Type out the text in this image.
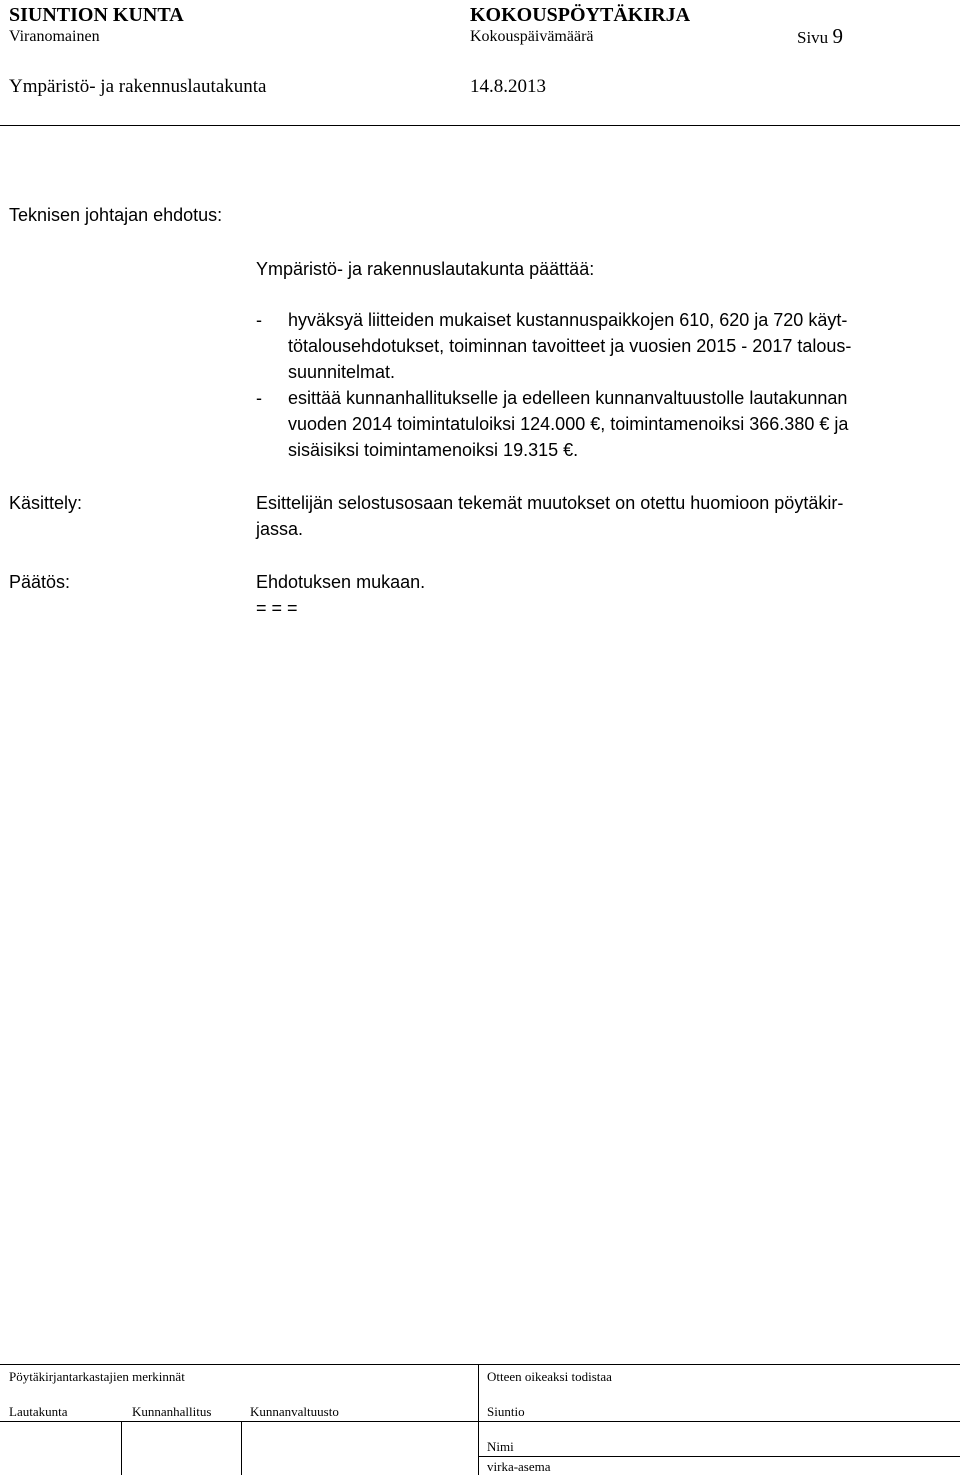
SIUNTION KUNTA	KOKOUSPÖYTÄKIRJA
Viranomainen	Kokouspäivämäärä	Sivu 9
Ympäristö- ja rakennuslautakunta	14.8.2013
Teknisen johtajan ehdotus:
Ympäristö- ja rakennuslautakunta päättää:
- hyväksyä liitteiden mukaiset kustannuspaikkojen 610, 620 ja 720 käyt-
tötalousehdotukset, toiminnan tavoitteet ja vuosien 2015 - 2017 talous-
suunnitelmat.
- esittää kunnanhallitukselle ja edelleen kunnanvaltuustolle lautakunnan
vuoden 2014 toimintatuloiksi 124.000 €, toimintamenoiksi 366.380 € ja
sisäisiksi toimintamenoiksi 19.315 €.
Käsittely:	Esittelijän selostusosaan tekemät muutokset on otettu huomioon pöytäkir-
jassa.
Päätös:	Ehdotuksen mukaan.
= = =
Pöytäkirjantarkastajien merkinnät	Otteen oikeaksi todistaa
Lautakunta	Kunnanhallitus	Kunnanvaltuusto	Siuntio
Nimi
virka-asema
